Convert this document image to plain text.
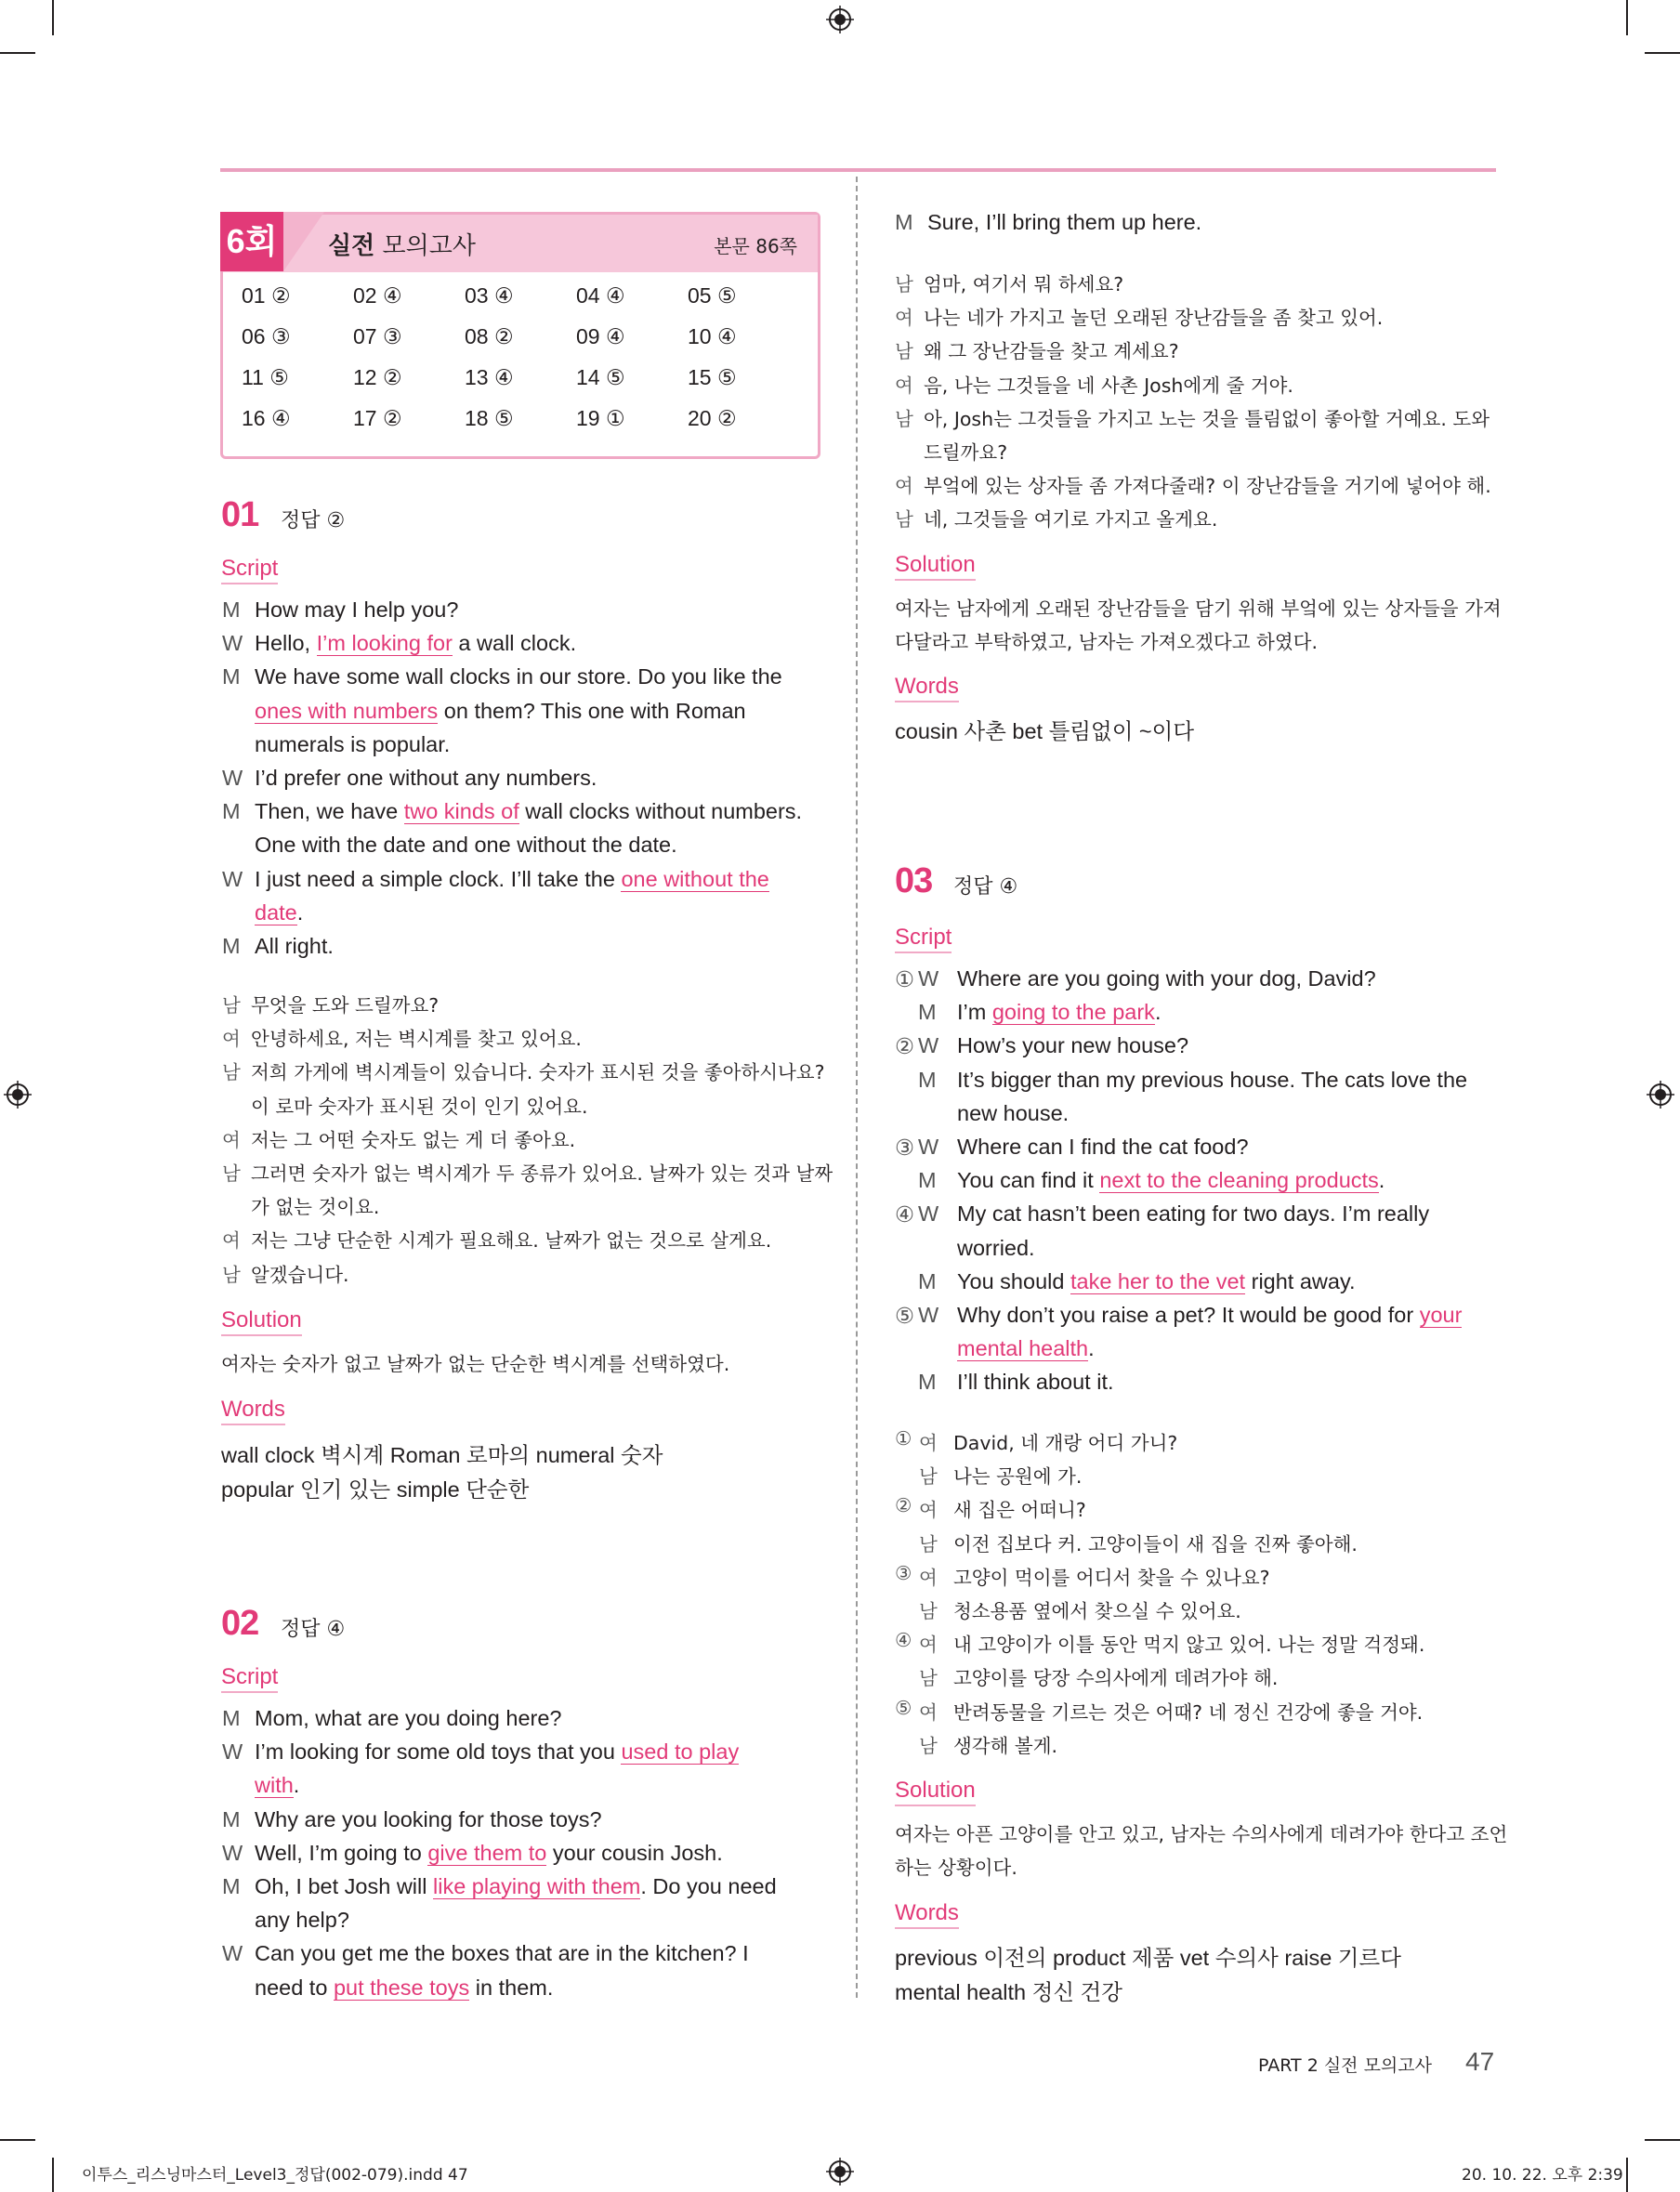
6회 실전 모의고사	본문 86쪽
01 ②	02 ④	03 ④	04 ④	05 ⑤
06 ③	07 ③	08 ②	09 ④	10 ④
11 ⑤	12 ②	13 ④	14 ⑤	15 ⑤
16 ④	17 ②	18 ⑤	19 ①	20 ②
01 정답 ②
Script
Solution
Words
02 정답 ④
Script
Solution
Words
03 정답 ④
Script
Solution
Words
PART 2 실전 모의고사 47
이투스_리스닝마스터_Level3_정답(002-079).indd 47	20. 10. 22. 오후 2:39
M How may I help you?
W Hello, I’m looking for a wall clock.
M We have some wall clocks in our store. Do you like the
ones with numbers on them? This one with Roman
numerals is popular.
W I’d prefer one without any numbers.
M Then, we have two kinds of wall clocks without numbers.
One with the date and one without the date.
W I just need a simple clock. I’ll take the one without the
date.
M All right.
남 무엇을 도와 드릴까요?
여 안녕하세요, 저는 벽시계를 찾고 있어요.
남 저희 가게에 벽시계들이 있습니다. 숫자가 표시된 것을 좋아하시나요?
이 로마 숫자가 표시된 것이 인기 있어요.
여 저는 그 어떤 숫자도 없는 게 더 좋아요.
남 그러면 숫자가 없는 벽시계가 두 종류가 있어요. 날짜가 있는 것과 날짜
가 없는 것이요.
여 저는 그냥 단순한 시계가 필요해요. 날짜가 없는 것으로 살게요.
남 알겠습니다.
여자는 숫자가 없고 날짜가 없는 단순한 벽시계를 선택하였다.
wall clock 벽시계 Roman 로마의 numeral 숫자
popular 인기 있는 simple 단순한
M Mom, what are you doing here?
W I’m looking for some old toys that you used to play
with.
M Why are you looking for those toys?
W Well, I’m going to give them to your cousin Josh.
M Oh, I bet Josh will like playing with them. Do you need
any help?
W Can you get me the boxes that are in the kitchen? I
need to put these toys in them.
M Sure, I’ll bring them up here.
남 엄마, 여기서 뭐 하세요?
여 나는 네가 가지고 놀던 오래된 장난감들을 좀 찾고 있어.
남 왜 그 장난감들을 찾고 계세요?
여 음, 나는 그것들을 네 사촌 Josh에게 줄 거야.
남 아, Josh는 그것들을 가지고 노는 것을 틀림없이 좋아할 거예요. 도와
드릴까요?
여 부엌에 있는 상자들 좀 가져다줄래? 이 장난감들을 거기에 넣어야 해.
남 네, 그것들을 여기로 가지고 올게요.
여자는 남자에게 오래된 장난감들을 담기 위해 부엌에 있는 상자들을 가져
다달라고 부탁하였고, 남자는 가져오겠다고 하였다.
cousin 사촌 bet 틀림없이 ~이다
① W Where are you going with your dog, David?
M I’m going to the park.
② W How’s your new house?
M It’s bigger than my previous house. The cats love the
new house.
③ W Where can I find the cat food?
M You can find it next to the cleaning products.
④ W My cat hasn’t been eating for two days. I’m really
worried.
M You should take her to the vet right away.
⑤ W Why don’t you raise a pet? It would be good for your
mental health.
M I’ll think about it.
① 여 David, 네 개랑 어디 가니?
남 나는 공원에 가.
② 여 새 집은 어떠니?
남 이전 집보다 커. 고양이들이 새 집을 진짜 좋아해.
③ 여 고양이 먹이를 어디서 찾을 수 있나요?
남 청소용품 옆에서 찾으실 수 있어요.
④ 여 내 고양이가 이틀 동안 먹지 않고 있어. 나는 정말 걱정돼.
남 고양이를 당장 수의사에게 데려가야 해.
⑤ 여 반려동물을 기르는 것은 어때? 네 정신 건강에 좋을 거야.
남 생각해 볼게.
여자는 아픈 고양이를 안고 있고, 남자는 수의사에게 데려가야 한다고 조언
하는 상황이다.
previous 이전의 product 제품 vet 수의사 raise 기르다
mental health 정신 건강
